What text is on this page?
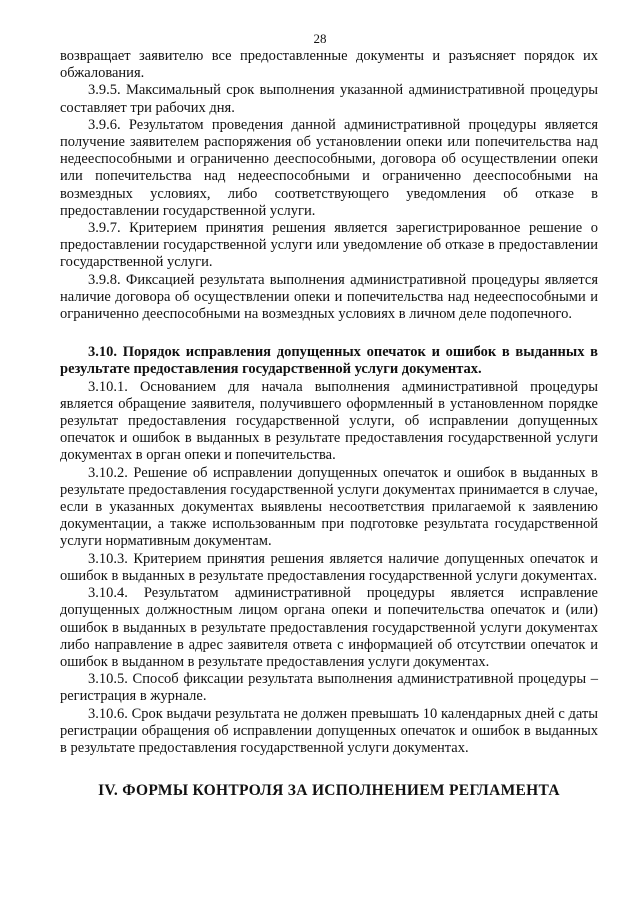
28

возвращает заявителю все предоставленные документы и разъясняет порядок их обжалования.

3.9.5. Максимальный срок выполнения указанной административной процедуры составляет три рабочих дня.

3.9.6. Результатом проведения данной административной процедуры является получение заявителем распоряжения об установлении опеки или попечительства над недееспособными и ограниченно дееспособными, договора об осуществлении опеки или попечительства над недееспособными и ограниченно дееспособными на возмездных условиях, либо соответствующего уведомления об отказе в предоставлении государственной услуги.

3.9.7. Критерием принятия решения является зарегистрированное решение о предоставлении государственной услуги или уведомление об отказе в предоставлении государственной услуги.

3.9.8. Фиксацией результата выполнения административной процедуры является наличие договора об осуществлении опеки и попечительства над недееспособными и ограниченно дееспособными на возмездных условиях в личном деле подопечного.

3.10. Порядок исправления допущенных опечаток и ошибок в выданных в результате предоставления государственной услуги документах.

3.10.1. Основанием для начала выполнения административной процедуры является обращение заявителя, получившего оформленный в установленном порядке результат предоставления государственной услуги, об исправлении допущенных опечаток и ошибок в выданных в результате предоставления государственной услуги документах в орган опеки и попечительства.

3.10.2. Решение об исправлении допущенных опечаток и ошибок в выданных в результате предоставления государственной услуги документах принимается в случае, если в указанных документах выявлены несоответствия прилагаемой к заявлению документации, а также использованным при подготовке результата государственной услуги нормативным документам.

3.10.3. Критерием принятия решения является наличие допущенных опечаток и ошибок в выданных в результате предоставления государственной услуги документах.

3.10.4. Результатом административной процедуры является исправление допущенных должностным лицом органа опеки и попечительства опечаток и (или) ошибок в выданных в результате предоставления государственной услуги документах либо направление в адрес заявителя ответа с информацией об отсутствии опечаток и ошибок в выданном в результате предоставления услуги документах.

3.10.5. Способ фиксации результата выполнения административной процедуры – регистрация в журнале.

3.10.6. Срок выдачи результата не должен превышать 10 календарных дней с даты регистрации обращения об исправлении допущенных опечаток и ошибок в выданных в результате предоставления государственной услуги документах.

IV. ФОРМЫ КОНТРОЛЯ ЗА ИСПОЛНЕНИЕМ РЕГЛАМЕНТА
